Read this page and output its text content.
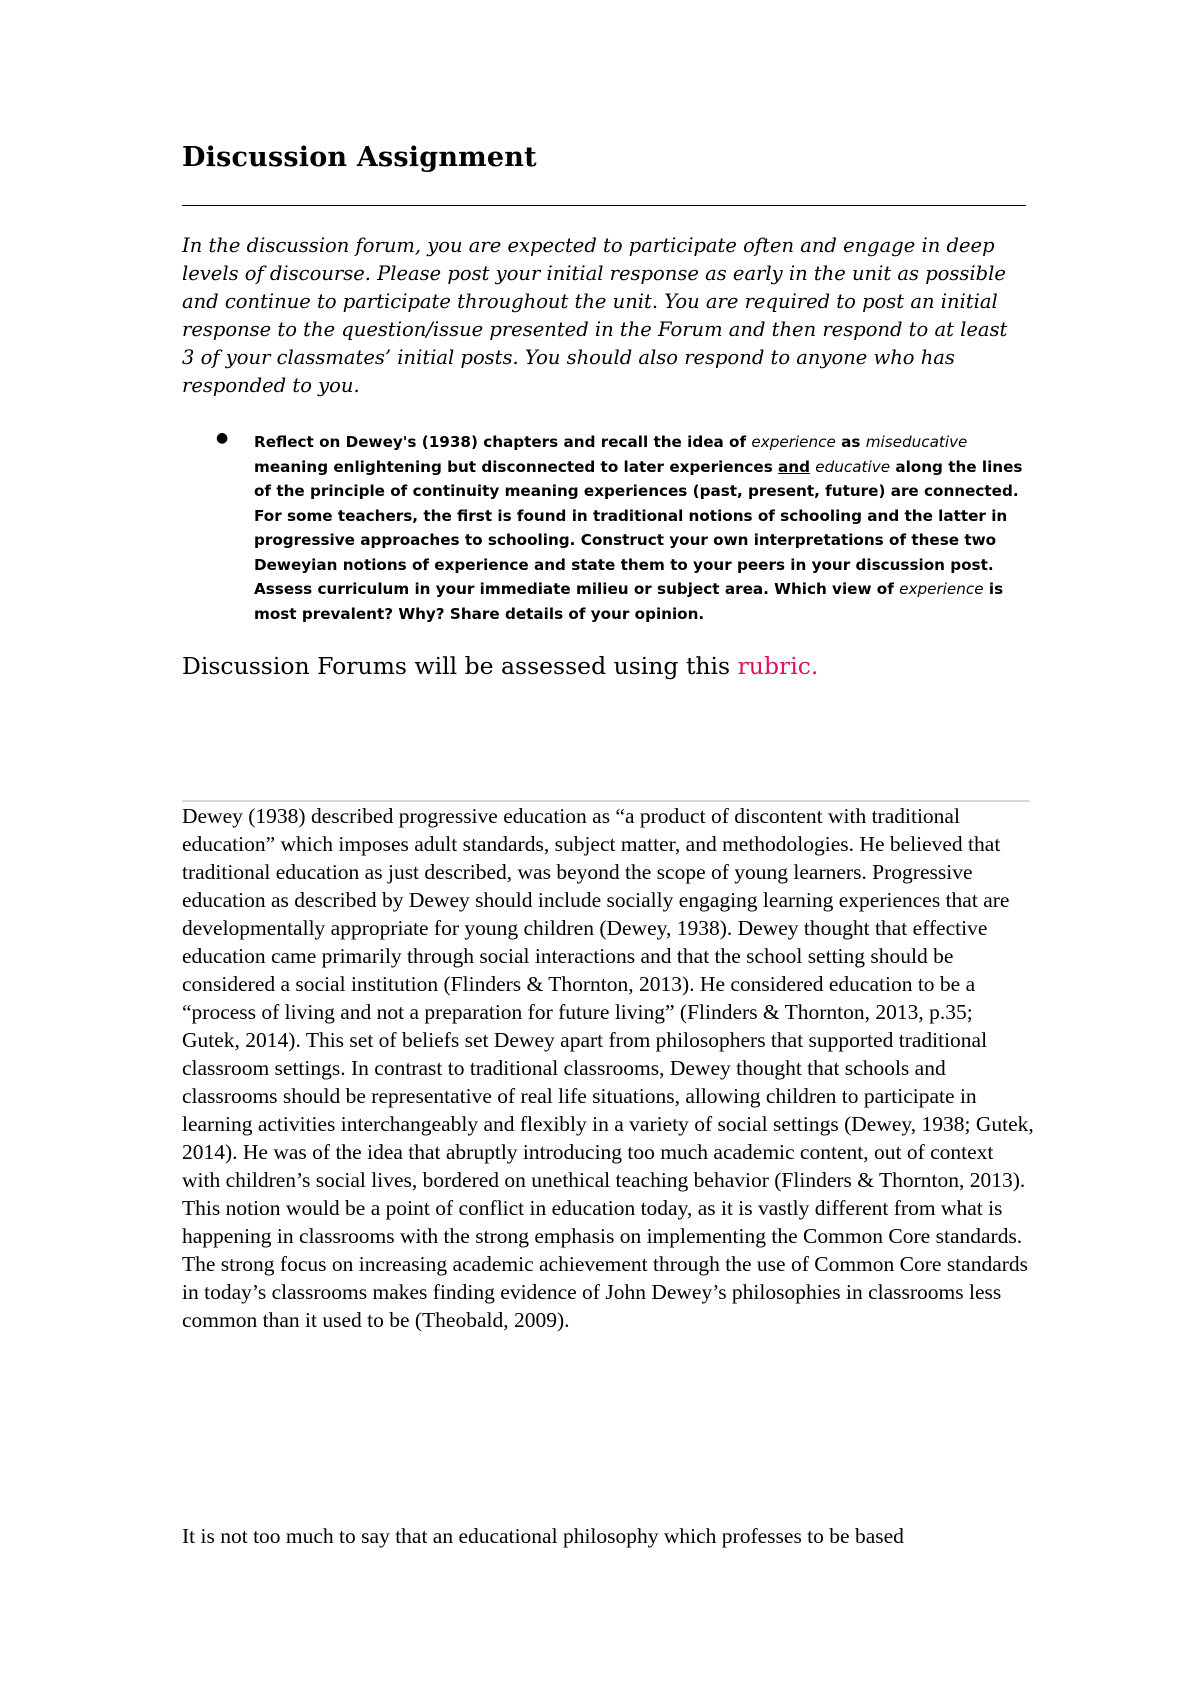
Discussion Assignment

In the discussion forum, you are expected to participate often and engage in deep levels of discourse. Please post your initial response as early in the unit as possible and continue to participate throughout the unit. You are required to post an initial response to the question/issue presented in the Forum and then respond to at least 3 of your classmates’ initial posts. You should also respond to anyone who has responded to you.

● Reflect on Dewey's (1938) chapters and recall the idea of experience as miseducative meaning enlightening but disconnected to later experiences and educative along the lines of the principle of continuity meaning experiences (past, present, future) are connected. For some teachers, the first is found in traditional notions of schooling and the latter in progressive approaches to schooling. Construct your own interpretations of these two Deweyian notions of experience and state them to your peers in your discussion post. Assess curriculum in your immediate milieu or subject area. Which view of experience is most prevalent? Why? Share details of your opinion.

Discussion Forums will be assessed using this rubric.

Dewey (1938) described progressive education as “a product of discontent with traditional education” which imposes adult standards, subject matter, and methodologies. He believed that traditional education as just described, was beyond the scope of young learners. Progressive education as described by Dewey should include socially engaging learning experiences that are developmentally appropriate for young children (Dewey, 1938). Dewey thought that effective education came primarily through social interactions and that the school setting should be considered a social institution (Flinders & Thornton, 2013). He considered education to be a “process of living and not a preparation for future living” (Flinders & Thornton, 2013, p.35; Gutek, 2014). This set of beliefs set Dewey apart from philosophers that supported traditional classroom settings. In contrast to traditional classrooms, Dewey thought that schools and classrooms should be representative of real life situations, allowing children to participate in learning activities interchangeably and flexibly in a variety of social settings (Dewey, 1938; Gutek, 2014). He was of the idea that abruptly introducing too much academic content, out of context with children’s social lives, bordered on unethical teaching behavior (Flinders & Thornton, 2013). This notion would be a point of conflict in education today, as it is vastly different from what is happening in classrooms with the strong emphasis on implementing the Common Core standards. The strong focus on increasing academic achievement through the use of Common Core standards in today’s classrooms makes finding evidence of John Dewey’s philosophies in classrooms less common than it used to be (Theobald, 2009).

It is not too much to say that an educational philosophy which professes to be based
